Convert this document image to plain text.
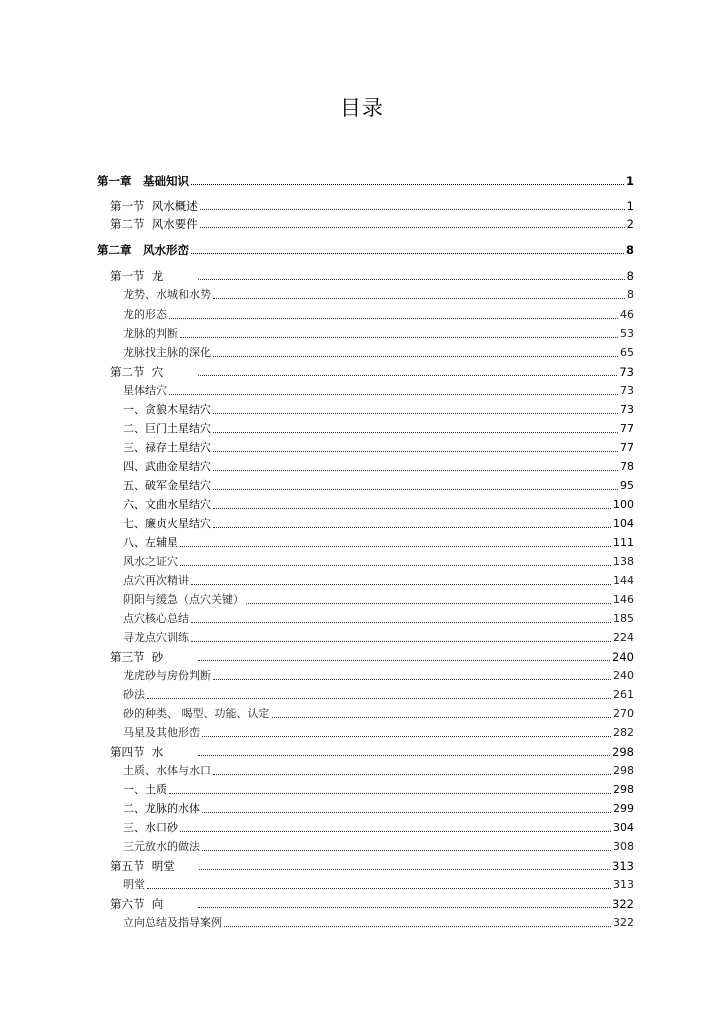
目录
第一章　基础知识	1
第一节  风水概述	1
第二节  风水要件	2
第二章　风水形峦	8
第一节  龙	8
龙势、水城和水势	8
龙的形态	46
龙脉的判断	53
龙脉找主脉的深化	65
第二节  穴	73
星体结穴	73
一、贪狼木星结穴	73
二、巨门土星结穴	77
三、禄存土星结穴	77
四、武曲金星结穴	78
五、破军金星结穴	95
六、文曲水星结穴	100
七、廉贞火星结穴	104
八、左辅星	111
风水之证穴	138
点穴再次精讲	144
阴阳与缓急（点穴关键）	146
点穴核心总结	185
寻龙点穴训练	224
第三节  砂	240
龙虎砂与房份判断	240
砂法	261
砂的种类、 喝型、功能、认定	270
马星及其他形峦	282
第四节  水	298
土质、水体与水口	298
一、土质	298
二、龙脉的水体	299
三、水口砂	304
三元放水的做法	308
第五节  明堂	313
明堂	313
第六节  向	322
立向总结及指导案例	322
